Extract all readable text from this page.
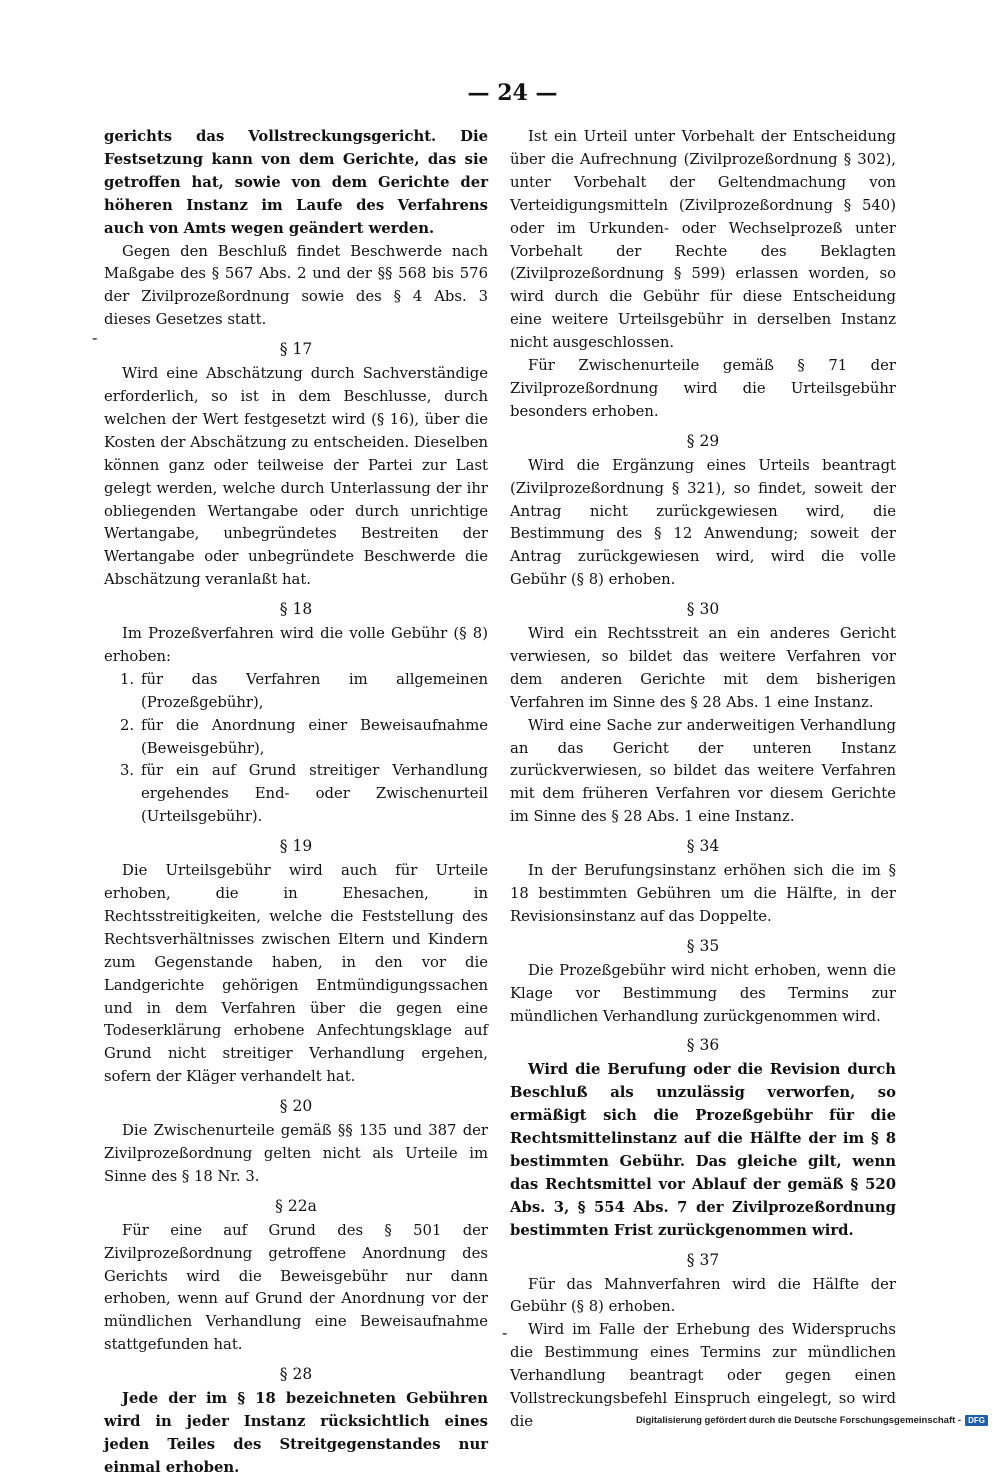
— 24 —

gerichts das Vollstreckungsgericht. Die Festsetzung kann von dem Gerichte, das sie getroffen hat, sowie von dem Gerichte der höheren Instanz im Laufe des Verfahrens auch von Amts wegen geändert werden.

Gegen den Beschluß findet Beschwerde nach Maßgabe des § 567 Abs. 2 und der §§ 568 bis 576 der Zivilprozeßordnung sowie des § 4 Abs. 3 dieses Gesetzes statt.

§ 17

Wird eine Abschätzung durch Sachverständige erforderlich, so ist in dem Beschlusse, durch welchen der Wert festgesetzt wird (§ 16), über die Kosten der Abschätzung zu entscheiden. Dieselben können ganz oder teilweise der Partei zur Last gelegt werden, welche durch Unterlassung der ihr obliegenden Wertangabe oder durch unrichtige Wertangabe, unbegründetes Bestreiten der Wertangabe oder unbegründete Beschwerde die Abschätzung veranlaßt hat.

§ 18

Im Prozeßverfahren wird die volle Gebühr (§ 8) erhoben:

1. für das Verfahren im allgemeinen (Prozeßgebühr),
2. für die Anordnung einer Beweisaufnahme (Beweisgebühr),
3. für ein auf Grund streitiger Verhandlung ergehendes End- oder Zwischenurteil (Urteilsgebühr).
§ 19

Die Urteilsgebühr wird auch für Urteile erhoben, die in Ehesachen, in Rechtsstreitigkeiten, welche die Feststellung des Rechtsverhältnisses zwischen Eltern und Kindern zum Gegenstande haben, in den vor die Landgerichte gehörigen Entmündigungssachen und in dem Verfahren über die gegen eine Todeserklärung erhobene Anfechtungsklage auf Grund nicht streitiger Verhandlung ergehen, sofern der Kläger verhandelt hat.

§ 20

Die Zwischenurteile gemäß §§ 135 und 387 der Zivilprozeßordnung gelten nicht als Urteile im Sinne des § 18 Nr. 3.

§ 22a

Für eine auf Grund des § 501 der Zivilprozeßordnung getroffene Anordnung des Gerichts wird die Beweisgebühr nur dann erhoben, wenn auf Grund der Anordnung vor der mündlichen Verhandlung eine Beweisaufnahme stattgefunden hat.

§ 28

Jede der im § 18 bezeichneten Gebühren wird in jeder Instanz rücksichtlich eines jeden Teiles des Streitgegenstandes nur einmal erhoben.

Ist ein Urteil unter Vorbehalt der Entscheidung über die Aufrechnung (Zivilprozeßordnung § 302), unter Vorbehalt der Geltendmachung von Verteidigungsmitteln (Zivilprozeßordnung § 540) oder im Urkunden- oder Wechselprozeß unter Vorbehalt der Rechte des Beklagten (Zivilprozeßordnung § 599) erlassen worden, so wird durch die Gebühr für diese Entscheidung eine weitere Urteilsgebühr in derselben Instanz nicht ausgeschlossen.

Für Zwischenurteile gemäß § 71 der Zivilprozeßordnung wird die Urteilsgebühr besonders erhoben.

§ 29

Wird die Ergänzung eines Urteils beantragt (Zivilprozeßordnung § 321), so findet, soweit der Antrag nicht zurückgewiesen wird, die Bestimmung des § 12 Anwendung; soweit der Antrag zurückgewiesen wird, wird die volle Gebühr (§ 8) erhoben.

§ 30

Wird ein Rechtsstreit an ein anderes Gericht verwiesen, so bildet das weitere Verfahren vor dem anderen Gerichte mit dem bisherigen Verfahren im Sinne des § 28 Abs. 1 eine Instanz.

Wird eine Sache zur anderweitigen Verhandlung an das Gericht der unteren Instanz zurückverwiesen, so bildet das weitere Verfahren mit dem früheren Verfahren vor diesem Gerichte im Sinne des § 28 Abs. 1 eine Instanz.

§ 34

In der Berufungsinstanz erhöhen sich die im § 18 bestimmten Gebühren um die Hälfte, in der Revisionsinstanz auf das Doppelte.

§ 35

Die Prozeßgebühr wird nicht erhoben, wenn die Klage vor Bestimmung des Termins zur mündlichen Verhandlung zurückgenommen wird.

§ 36

Wird die Berufung oder die Revision durch Beschluß als unzulässig verworfen, so ermäßigt sich die Prozeßgebühr für die Rechtsmittelinstanz auf die Hälfte der im § 8 bestimmten Gebühr. Das gleiche gilt, wenn das Rechtsmittel vor Ablauf der gemäß § 520 Abs. 3, § 554 Abs. 7 der Zivilprozeßordnung bestimmten Frist zurückgenommen wird.

§ 37

Für das Mahnverfahren wird die Hälfte der Gebühr (§ 8) erhoben.

Wird im Falle der Erhebung des Widerspruchs die Bestimmung eines Termins zur mündlichen Verhandlung beantragt oder gegen einen Vollstreckungsbefehl Einspruch eingelegt, so wird die

-
-
Digitalisierung gefördert durch die Deutsche Forschungsgemeinschaft - DFG
